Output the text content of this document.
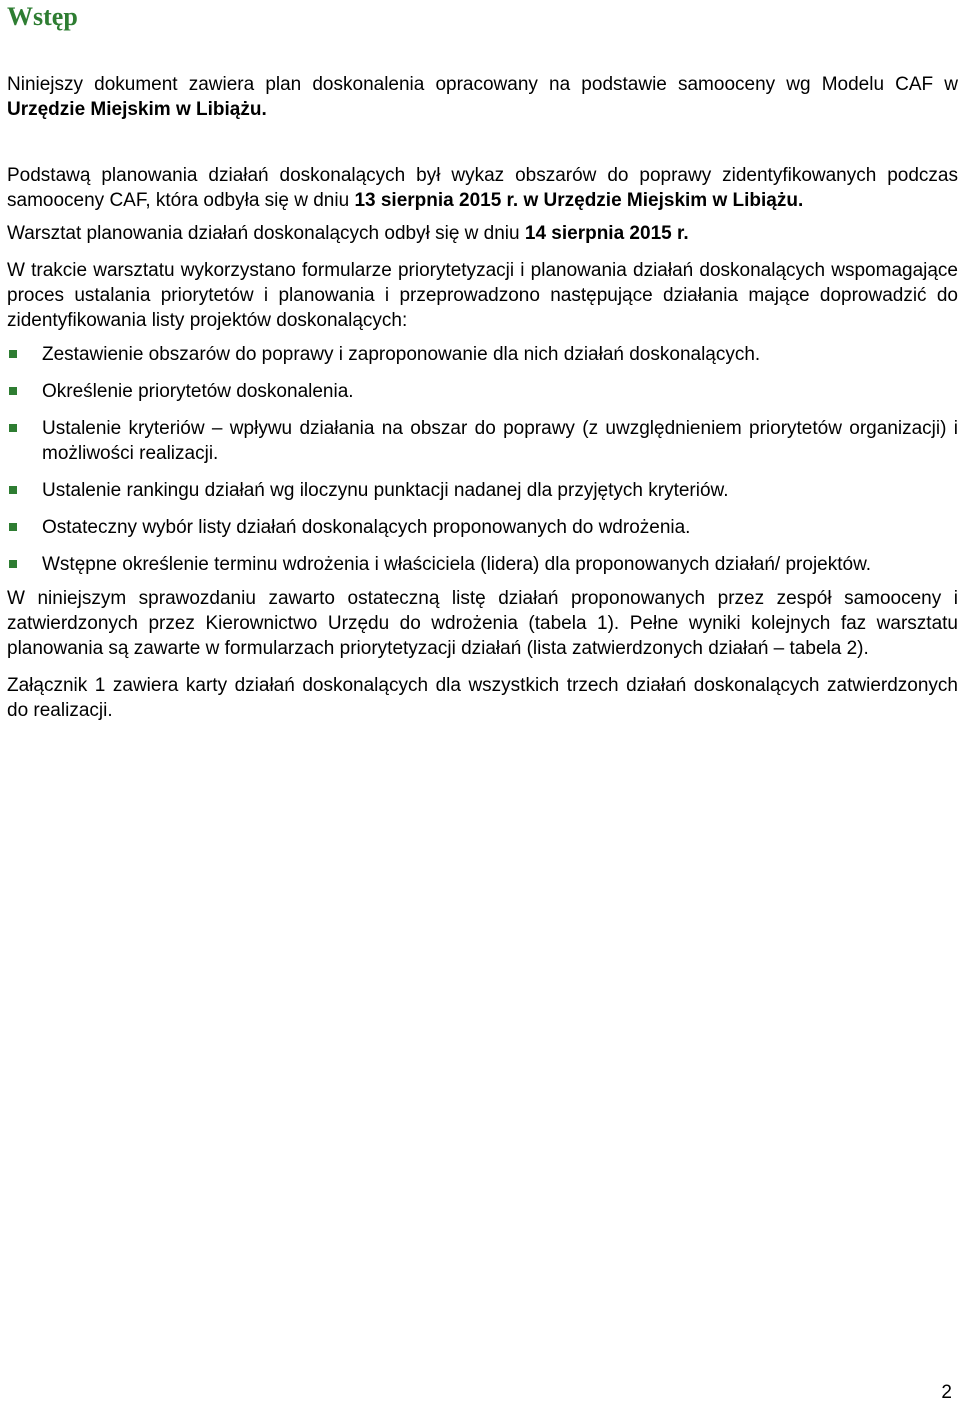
Wstęp

Niniejszy dokument zawiera plan doskonalenia opracowany na podstawie samooceny wg Modelu CAF w Urzędzie Miejskim w Libiążu.

Podstawą planowania działań doskonalących był wykaz obszarów do poprawy zidentyfikowanych podczas samooceny CAF, która odbyła się w dniu 13 sierpnia 2015 r. w Urzędzie Miejskim w Libiążu.

Warsztat planowania działań doskonalących odbył się w dniu 14 sierpnia 2015 r.

W trakcie warsztatu wykorzystano formularze priorytetyzacji i planowania działań doskonalących wspomagające proces ustalania priorytetów i planowania i przeprowadzono następujące działania mające doprowadzić do zidentyfikowania listy projektów doskonalących:

Zestawienie obszarów do poprawy i zaproponowanie dla nich działań doskonalących.
Określenie priorytetów doskonalenia.
Ustalenie kryteriów – wpływu działania na obszar do poprawy (z uwzględnieniem priorytetów organizacji) i możliwości realizacji.
Ustalenie rankingu działań wg iloczynu punktacji nadanej dla przyjętych kryteriów.
Ostateczny wybór listy działań doskonalących proponowanych do wdrożenia.
Wstępne określenie terminu wdrożenia i właściciela (lidera) dla proponowanych działań/ projektów.

W niniejszym sprawozdaniu zawarto ostateczną listę działań proponowanych przez zespół samooceny i zatwierdzonych przez Kierownictwo Urzędu do wdrożenia (tabela 1). Pełne wyniki kolejnych faz warsztatu planowania są zawarte w formularzach priorytetyzacji działań (lista zatwierdzonych działań – tabela 2).

Załącznik 1 zawiera karty działań doskonalących dla wszystkich trzech działań doskonalących zatwierdzonych do realizacji.

2
